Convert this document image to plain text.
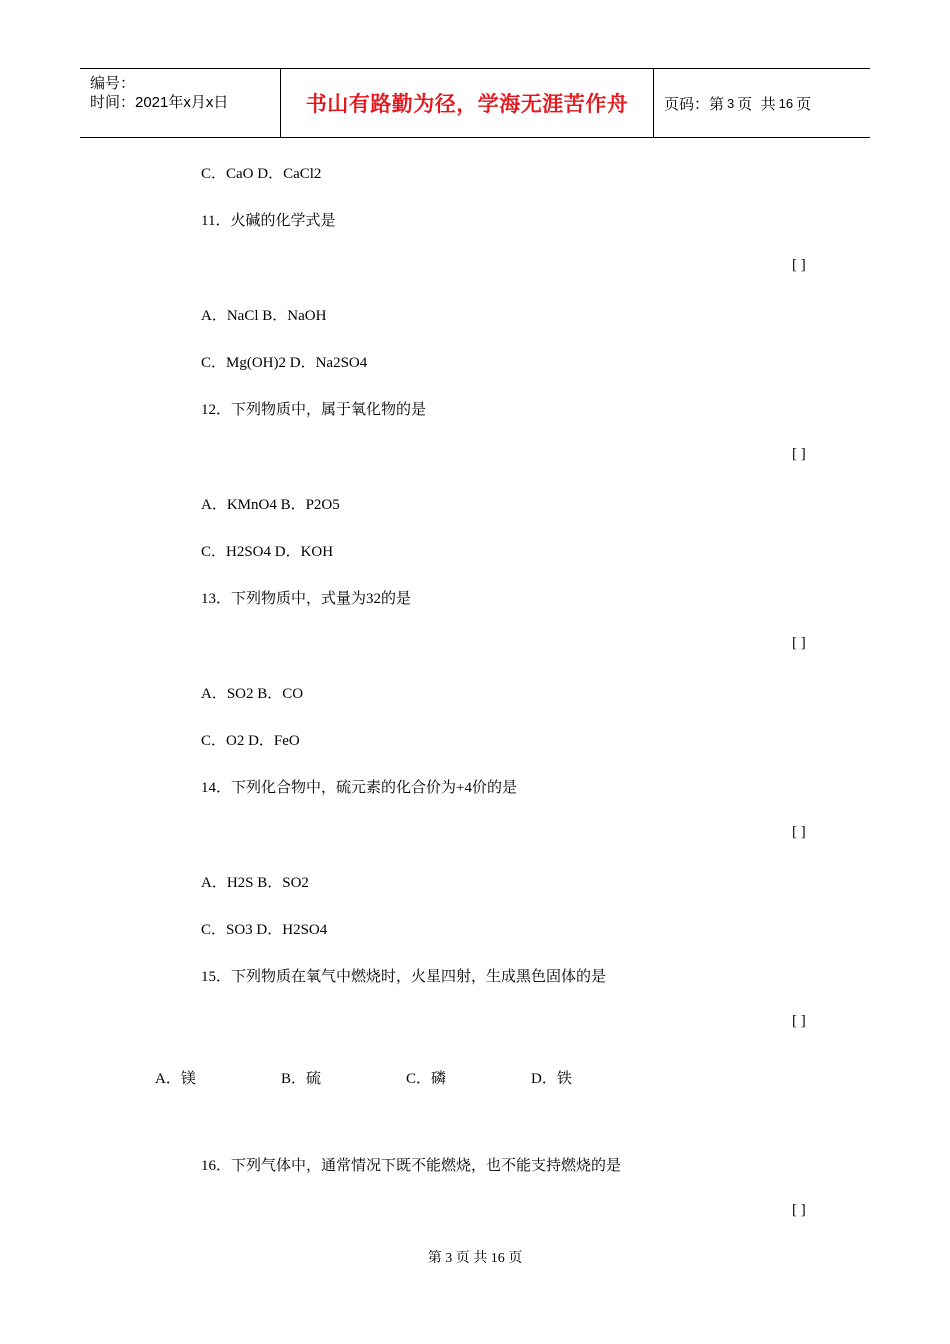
编号：
时间：2021年x月x日	书山有路勤为径，学海无涯苦作舟 页码：第 3 页  共 16 页
C．CaO D．CaCl2
11．火碱的化学式是
[ ]
A．NaCl B．NaOH
C．Mg(OH)2 D．Na2SO4
12．下列物质中，属于氧化物的是
[ ]
A．KMnO4 B．P2O5
C．H2SO4 D．KOH
13．下列物质中，式量为32的是
[ ]
A．SO2 B．CO
C．O2 D．FeO
14．下列化合物中，硫元素的化合价为+4价的是
[ ]
A．H2S B．SO2
C．SO3 D．H2SO4
15．下列物质在氧气中燃烧时，火星四射，生成黑色固体的是
[ ]
A．镁	B．硫	C．磷	D．铁
16．下列气体中，通常情况下既不能燃烧，也不能支持燃烧的是
[ ]
第 3 页 共 16 页
